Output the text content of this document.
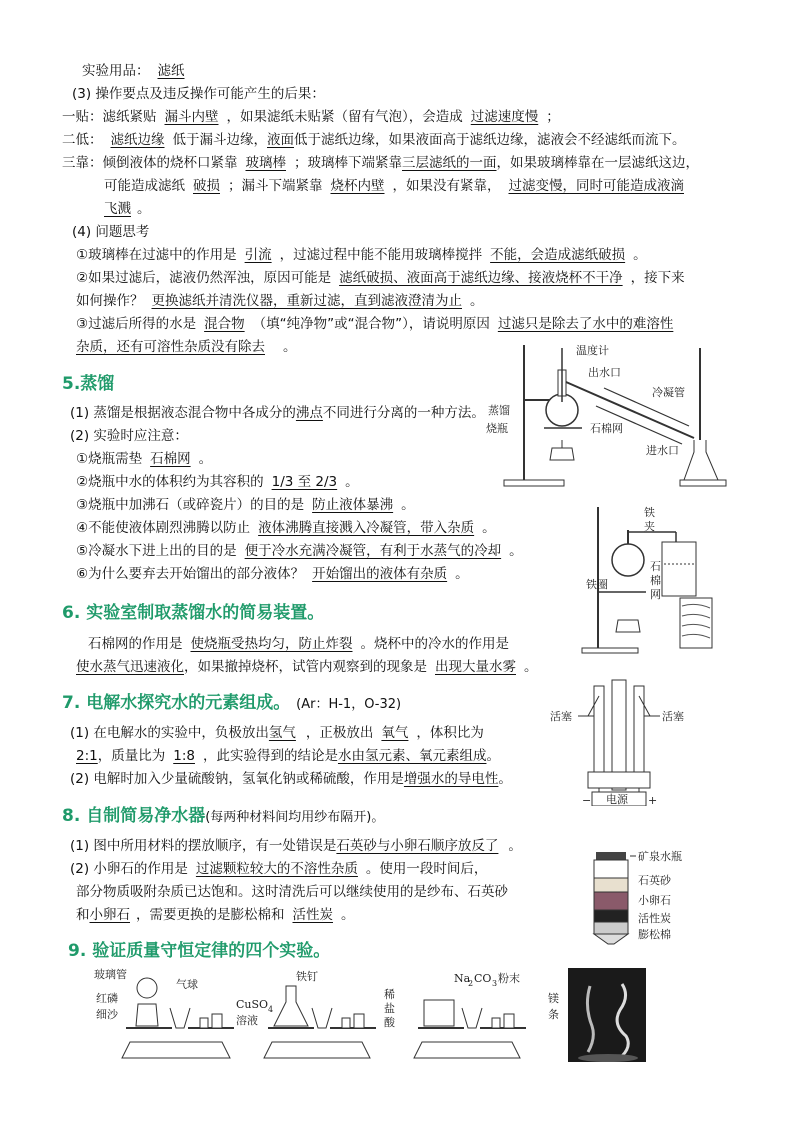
实验用品： 滤纸
(3) 操作要点及违反操作可能产生的后果：
一贴：滤纸紧贴 漏斗内壁 ，如果滤纸未贴紧（留有气泡），会造成 过滤速度慢 ；
二低： 滤纸边缘 低于漏斗边缘，液面低于滤纸边缘，如果液面高于滤纸边缘，滤液会不经滤纸而流下。
三靠：倾倒液体的烧杯口紧靠 玻璃棒 ；玻璃棒下端紧靠三层滤纸的一面，如果玻璃棒靠在一层滤纸这边，
可能造成滤纸 破损 ；漏斗下端紧靠 烧杯内壁 ，如果没有紧靠， 过滤变慢，同时可能造成液滴
飞溅 。
(4) 问题思考
①玻璃棒在过滤中的作用是 引流 ，过滤过程中能不能用玻璃棒搅拌 不能，会造成滤纸破损 。
②如果过滤后，滤液仍然浑浊，原因可能是 滤纸破损、液面高于滤纸边缘、接液烧杯不干净 ，接下来
如何操作？ 更换滤纸并清洗仪器，重新过滤，直到滤液澄清为止 。
③过滤后所得的水是 混合物 （填“纯净物”或“混合物”），请说明原因 过滤只是除去了水中的难溶性
杂质，还有可溶性杂质没有除去 。
5.蒸馏
(1) 蒸馏是根据液态混合物中各成分的沸点不同进行分离的一种方法。
(2) 实验时应注意：
①烧瓶需垫 石棉网 。
②烧瓶中水的体积约为其容积的 1/3 至 2/3 。
③烧瓶中加沸石（或碎瓷片）的目的是 防止液体暴沸 。
④不能使液体剧烈沸腾以防止 液体沸腾直接溅入冷凝管，带入杂质 。
⑤冷凝水下进上出的目的是 便于冷水充满冷凝管，有利于水蒸气的冷却 。
⑥为什么要弃去开始馏出的部分液体？ 开始馏出的液体有杂质 。
温度计
出水口
冷凝管
蒸馏
烧瓶	石棉网
进水口
6. 实验室制取蒸馏水的简易装置。
石棉网的作用是 使烧瓶受热均匀，防止炸裂 。烧杯中的冷水的作用是
使水蒸气迅速液化，如果撤掉烧杯，试管内观察到的现象是 出现大量水雾 。
铁
夹
石
棉
网
铁圈
7. 电解水探究水的元素组成。 (Ar：H-1，O-32)
(1) 在电解水的实验中，负极放出氢气 ，正极放出 氧气 ，体积比为
2:1，质量比为 1:8 ，此实验得到的结论是水由氢元素、氧元素组成。
(2) 电解时加入少量硫酸钠，氢氧化钠或稀硫酸，作用是增强水的导电性。
活塞	活塞
电源
−	+
8. 自制简易净水器(每两种材料间均用纱布隔开)。
(1) 图中所用材料的摆放顺序，有一处错误是石英砂与小卵石顺序放反了 。
(2) 小卵石的作用是 过滤颗粒较大的不溶性杂质 。使用一段时间后，
部分物质吸附杂质已达饱和。这时清洗后可以继续使用的是纱布、石英砂
和小卵石 ，需要更换的是膨松棉和 活性炭 。
矿泉水瓶
石英砂
小卵石
活性炭
膨松棉
9. 验证质量守恒定律的四个实验。
玻璃管
气球
红磷
细沙
铁钉
CuSO 4
溶液
Na
2 CO 3 粉末
稀
盐
酸
镁
条
